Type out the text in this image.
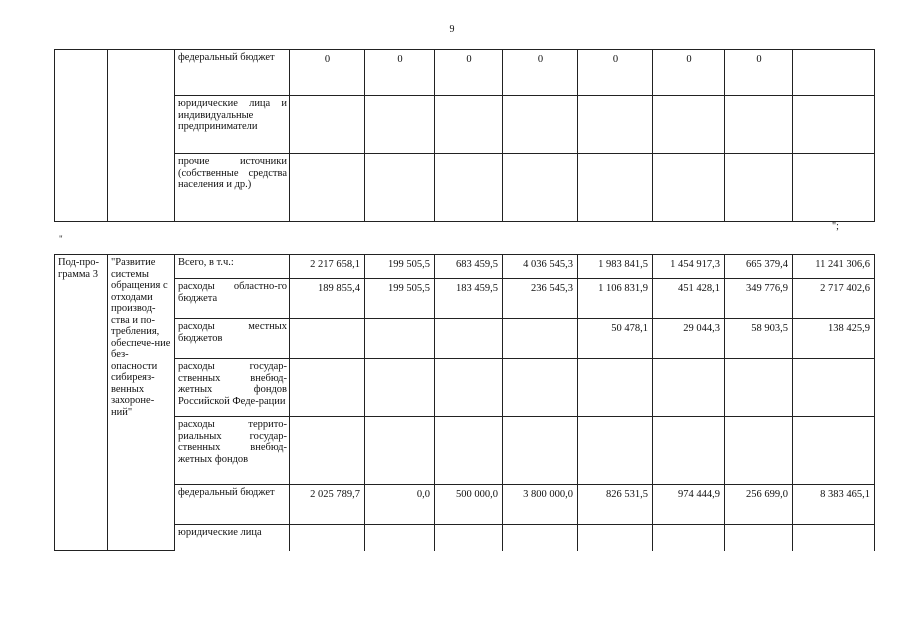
9
		федеральный бюджет	0	0	0	0	0	0	0	
		юридические лица и индивидуальные предприниматели								
		прочие источники (собственные средства населения и др.)								
"
";
Под-про-грамма 3	"Развитие системы обращения с отходами производ-ства и по-требления, обеспече-ние без-опасности сибиреяз-венных захороне-ний"	Всего, в т.ч.:	2 217 658,1	199 505,5	683 459,5	4 036 545,3	1 983 841,5	1 454 917,3	665 379,4	11 241 306,6
		расходы областно-го бюджета	189 855,4	199 505,5	183 459,5	236 545,3	1 106 831,9	451 428,1	349 776,9	2 717 402,6
		расходы местных бюджетов					50 478,1	29 044,3	58 903,5	138 425,9
		расходы государ-ственных внебюд-жетных фондов Российской Феде-рации								
		расходы террито-риальных государ-ственных внебюд-жетных фондов								
		федеральный бюджет	2 025 789,7	0,0	500 000,0	3 800 000,0	826 531,5	974 444,9	256 699,0	8 383 465,1
		юридические лица								
